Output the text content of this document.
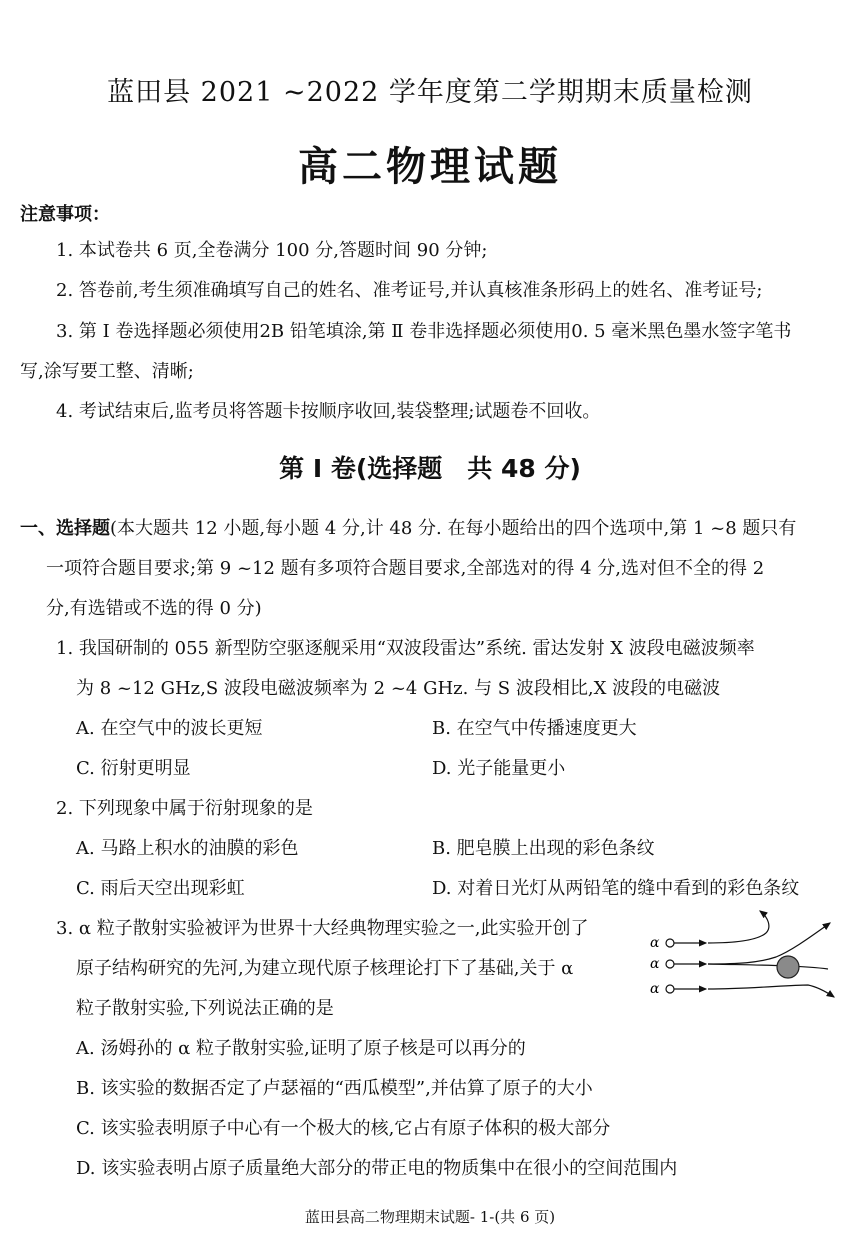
蓝田县 2021 ~2022 学年度第二学期期末质量检测
高二物理试题
注意事项：
1. 本试卷共 6 页,全卷满分 100 分,答题时间 90 分钟;
2. 答卷前,考生须准确填写自己的姓名、准考证号,并认真核准条形码上的姓名、准考证号;
3. 第 Ⅰ 卷选择题必须使用2B 铅笔填涂,第 Ⅱ 卷非选择题必须使用0. 5 毫米黑色墨水签字笔书
写,涂写要工整、清晰;
4. 考试结束后,监考员将答题卡按顺序收回,装袋整理;试题卷不回收。
第 Ⅰ 卷(选择题　共 48 分)
一、选择题(本大题共 12 小题,每小题 4 分,计 48 分. 在每小题给出的四个选项中,第 1 ~8 题只有
一项符合题目要求;第 9 ~12 题有多项符合题目要求,全部选对的得 4 分,选对但不全的得 2
分,有选错或不选的得 0 分)
1. 我国研制的 055 新型防空驱逐舰采用“双波段雷达”系统. 雷达发射 X 波段电磁波频率
为 8 ~12 GHz,S 波段电磁波频率为 2 ~4 GHz. 与 S 波段相比,X 波段的电磁波
A. 在空气中的波长更短	B. 在空气中传播速度更大
C. 衍射更明显	D. 光子能量更小
2. 下列现象中属于衍射现象的是
A. 马路上积水的油膜的彩色	B. 肥皂膜上出现的彩色条纹
C. 雨后天空出现彩虹	D. 对着日光灯从两铅笔的缝中看到的彩色条纹
3. α 粒子散射实验被评为世界十大经典物理实验之一,此实验开创了
原子结构研究的先河,为建立现代原子核理论打下了基础,关于 α
粒子散射实验,下列说法正确的是
A. 汤姆孙的 α 粒子散射实验,证明了原子核是可以再分的
B. 该实验的数据否定了卢瑟福的“西瓜模型”,并估算了原子的大小
C. 该实验表明原子中心有一个极大的核,它占有原子体积的极大部分
D. 该实验表明占原子质量绝大部分的带正电的物质集中在很小的空间范围内
α
α
α
蓝田县高二物理期末试题- 1-(共 6 页)
